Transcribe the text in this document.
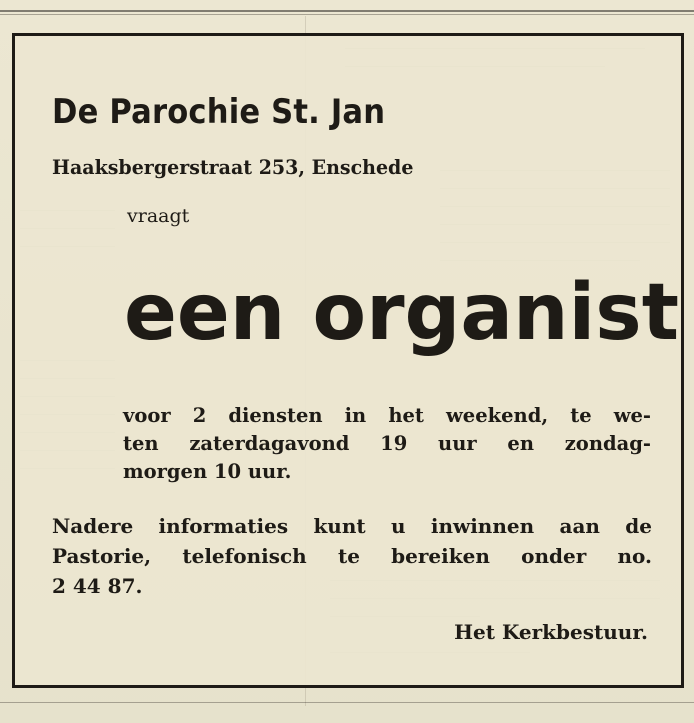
De Parochie St. Jan
Haaksbergerstraat 253, Enschede
vraagt
een organist
voor 2 diensten in het weekend, te we-
ten zaterdagavond 19 uur en zondag-
morgen 10 uur.
Nadere informaties kunt u inwinnen aan de
Pastorie, telefonisch te bereiken onder no.
2 44 87.
Het Kerkbestuur.
